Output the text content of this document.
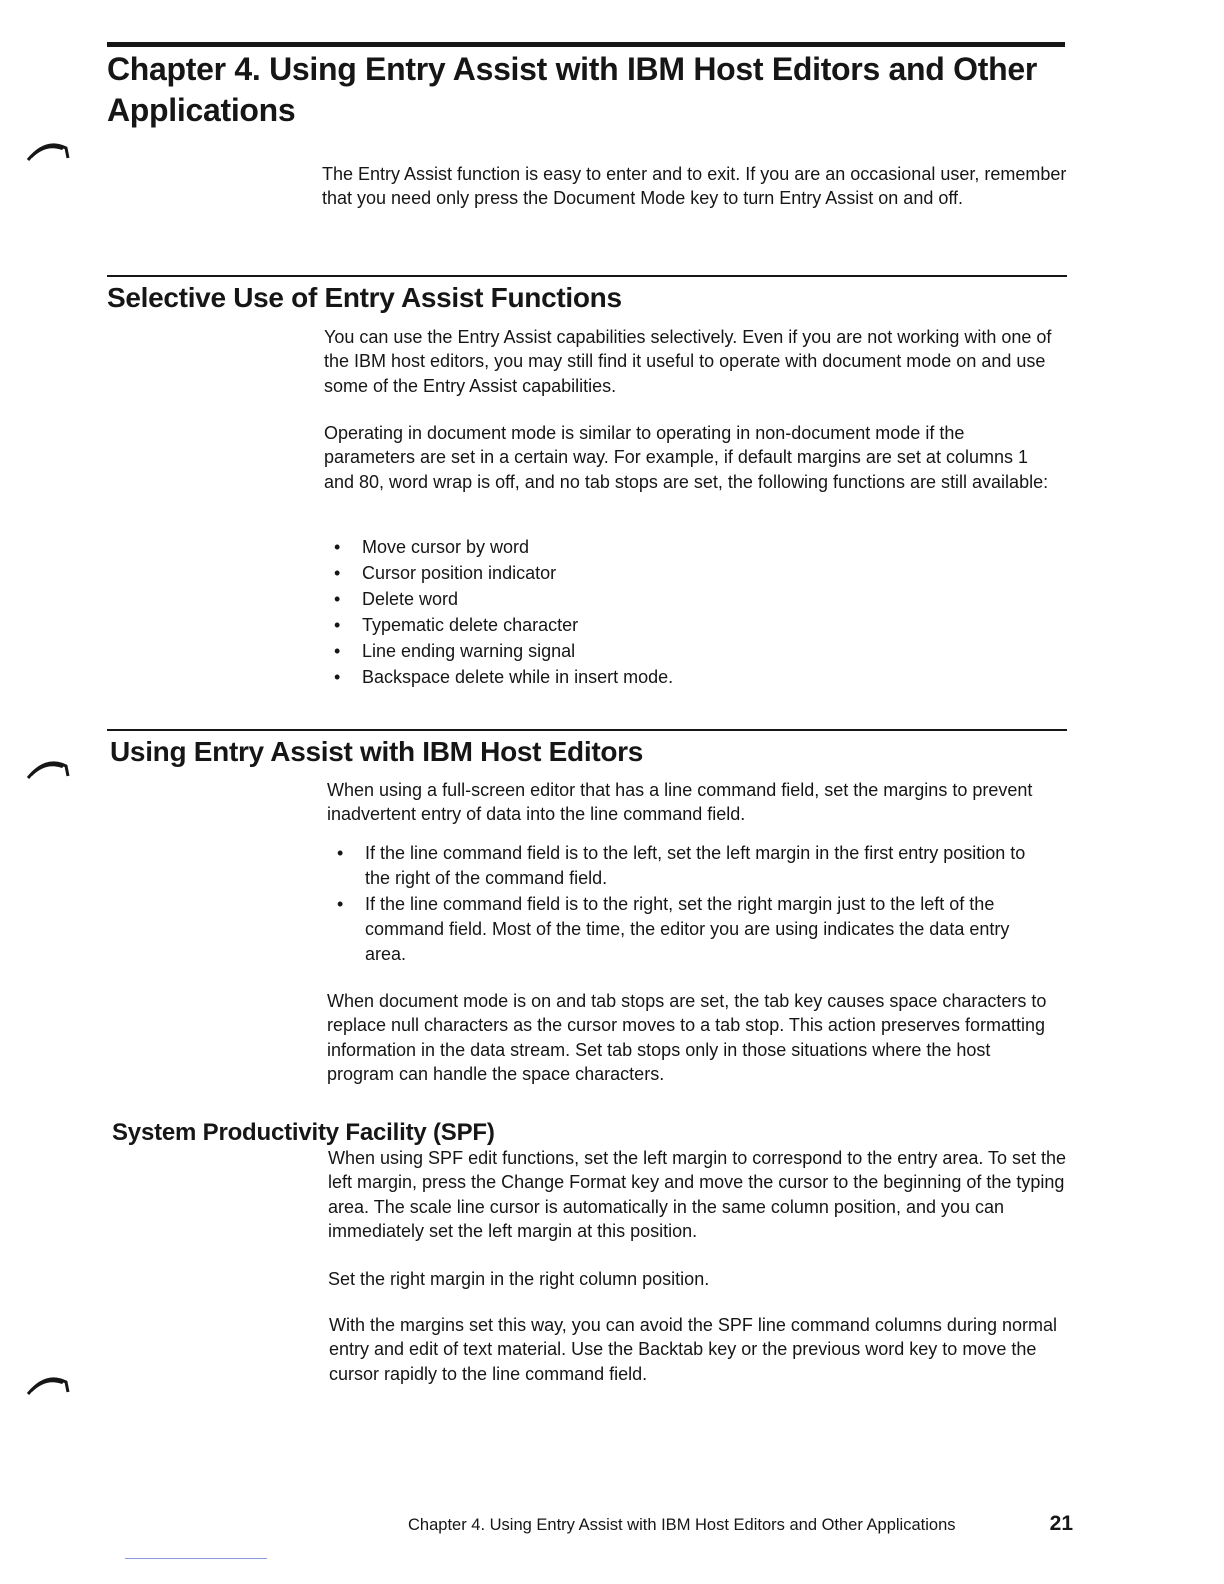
Chapter 4. Using Entry Assist with IBM Host Editors and Other Applications

The Entry Assist function is easy to enter and to exit. If you are an occasional user, remember that you need only press the Document Mode key to turn Entry Assist on and off.

Selective Use of Entry Assist Functions

You can use the Entry Assist capabilities selectively. Even if you are not working with one of the IBM host editors, you may still find it useful to operate with document mode on and use some of the Entry Assist capabilities.

Operating in document mode is similar to operating in non-document mode if the parameters are set in a certain way. For example, if default margins are set at columns 1 and 80, word wrap is off, and no tab stops are set, the following functions are still available:

• Move cursor by word
• Cursor position indicator
• Delete word
• Typematic delete character
• Line ending warning signal
• Backspace delete while in insert mode.
Using Entry Assist with IBM Host Editors

When using a full-screen editor that has a line command field, set the margins to prevent inadvertent entry of data into the line command field.

• If the line command field is to the left, set the left margin in the first entry position to the right of the command field.
• If the line command field is to the right, set the right margin just to the left of the command field. Most of the time, the editor you are using indicates the data entry area.

When document mode is on and tab stops are set, the tab key causes space characters to replace null characters as the cursor moves to a tab stop. This action preserves formatting information in the data stream. Set tab stops only in those situations where the host program can handle the space characters.

System Productivity Facility (SPF)

When using SPF edit functions, set the left margin to correspond to the entry area. To set the left margin, press the Change Format key and move the cursor to the beginning of the typing area. The scale line cursor is automatically in the same column position, and you can immediately set the left margin at this position.

Set the right margin in the right column position.

With the margins set this way, you can avoid the SPF line command columns during normal entry and edit of text material. Use the Backtab key or the previous word key to move the cursor rapidly to the line command field.

Chapter 4. Using Entry Assist with IBM Host Editors and Other Applications	21
